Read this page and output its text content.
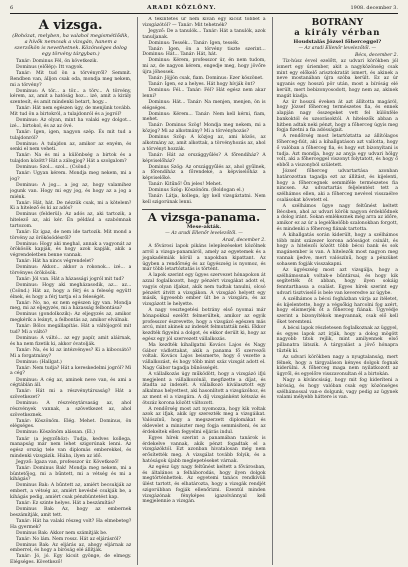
6	ARADI KÖZLÖNY.	1908. december 3.
A vizsga.
(Bohózat, melyben, ha valahol megismétlődik, a hívők nemcsak a vizsgán, hanem a szerzőkön is nevethetnek. Közönséges dolog egy törvény tárgyban.)

Tanár: Dominus Fél, ön következik.

Dominus (előlép): Itt vagyok.

Tanár: Mit tud ön a törvényről? Semmit. Rendben van, álljon csak oda, mondja meg nekem, mi a törvény?

Dominus: A tör... a tör... a törv... A törvény, kérem, az, amit a hatóság hoz... izé, amit a király szentesít, és amit mindenki betart, hogy...

Tanár: Hát nem egészen úgy, de menjünk tovább. Mit tud ön a birtokról, a tulajdonról és a jogról?

Dominus: Az olyan, mint ha valaki egy dolgot... izé... birtokol, és az az övé.

Tanár: Igen, igen, nagyon szép. És mit tud a tulajdonról?

Dominus: A tulajdon az, amikor az enyém, és senki el nem veheti.

Tanár: Na és mi a különbség a birtok és a tulajdon között? Hát a zálogjog? Hát a szolgalom?

Dominus: Szol... szol... (Csönd.)

Tanár: Ugyan kérem. Mondja meg nekem, mi a jog?

Dominus: A jog... a jog az, hogy valamihez jogunk van. Hogy mi egy jog, és hogy az a jog a miénk.

Tanár: Hát, hát. De nézzük csak, mi a kötelem? Ki a hitelező és ki az adós?

Dominus (felderül): Az adós az, aki tartozik, a hitelező az, aki kér. Én például a szabómnak tartozom.

Tanár: Ez igaz, de nem ide tartozik. Mit mond a törvény az örökösödésről?

Dominus: Hogy aki meghal, annak a vagyonát az örökösök kapják, és hogy azok kapják, akik a végrendeletben benne vannak.

Tanár: Hát ha nincs végrendelet?

Dominus: Akkor... akkor a rokonok... izé... a törvényes örökösök.

Tanár: Jól van. Hát a házassági jogról mit tud?

Dominus: Hogy aki megházasodik, az... az... (Csönd.) Hát az, hogy a férj és a feleség együtt élnek, és hogy a férj tartja el a feleségét.

Tanár: No, no, ez nem egészen így van. Mondja meg, mi az eljegyzés, mi a házasság felbontása?

Dominus (gondolkozik): Az eljegyzés az, amikor megkérik a leányt, a felbontás az, amikor elválnak.

Tanár: Bölcs megállapítás. Hát a váltójogról mit tud? Mi a váltó?

Dominus: A váltó... az egy papír, amit aláírnak, és ha nem fizetik ki, akkor óvatolják.

Tanár: Na, és ki az intézvényes? Ki a kibocsátó? Mi a forgatmány?

Dominus: (Hallgat.)

Tanár: Nem tudja? Hát a kereskedelmi jogról? Mi a cég?

Dominus: A cég az, aminek neve van, és ami a cégtáblán áll.

Tanár: Hát mi a részvénytársaság? Hát a szövetkezet?

Dominus: A részvénytársaság az, ahol részvények vannak, a szövetkezet az, ahol szövetkeznek.

Tanár: Köszönöm. Elég. Mehet. Dominus, ön elégséges.

Dominus: Köszönöm alássan. (El.)

Tanár (a jegyzőhöz): Tudja, kedves kollega, manapság már nem lehet szigorúnak lenni. Az egész ország tele van diplomás emberekkel, és mindenki vizsgázik. Hiába, ilyen az idő.

Jegyző: Igaza van, professzor úr. Következő!

Tanár: Dominus Bak! Mondja meg nekem, mi a büntetőjog, mi a bűntett, mi a vétség és mi a kihágás?

Dominus Bak: A bűntett az, amiért becsukják az embert, a vétség az, amiért kevésbé csukják be, a kihágás pedig, amiért csak pénzbüntetést kap.

Tanár: Ez szinte helyes. Hát a beszámítás?

Dominus Bak: Az, hogy az embernek beszámítják, amit tett.

Tanár: Hát ha valaki részeg volt? Ha elmebeteg? Ha gyermek?

Dominus Bak: Akkor nem számítják be.

Tanár: No lám. Nem rossz. Hát az eljárásról?

Dominus Bak: Az eljárás az, ahogy eljárnak az emberrel, és hogy a bíróság elé állítják.

Tanár: Jó, jó. Egy kicsit gyönge, de elmegy. Elégséges. Következő!

A tekintetes úr nem kíván egy kicsit többet a vizsgázótól? — Tanár: Mit tehetnék?

Jegyző: De a tanulók... Tanár: Hát a tanulók, azok tanuljanak.

Dominus: Tessék... Tanár: Igen, tessék.

Tanár: Igen, ön a törvény tiszte szerint... Dominus: Hát... Tanár: Hát, hát.

Dominus: Kérem, professzor úr, én nem tudom, mi az, de nagyon kérem, engedje meg, hogy jövőre újra jöhessek.

Tanár: Jöjjön csak, fiam. Dominus: Ezer köszönet.

Tanár: Igen, ez a helyes. Hát hogy hívják önt?

Dominus: Fél... Tanár: Fél? Hát egész nem akar lenni?

Dominus: Hát... Tanár: Na menjen, menjen, ön is elégséges.

Dominus: Kérem... Tanár: Nem kell kérni, fiam, mehet.

Tanár: Dominus Szög! Mondja meg nekem, mi a közjog? Mi az alkotmány? Mi a törvényhozás?

Dominus Szög: A közjog az, ami közös, az alkotmány az, amit alkottak, a törvényhozás az, ahol a törvényt hozzák.

Tanár: Hát az országgyűlés? A főrendiház? A képviselőház?

Dominus Szög: Az országgyűlés az, ahol gyűlnek, a főrendiház a főrendeké, a képviselőház a képviselőké.

Tanár: Kitűnő! Ön jeles! Mehet.

Dominus Szög: Köszönöm. (Boldogan el.)

Tanár: Látja, kollega, így kell vizsgáztatni. Nem kell szigorúnak lenni.

A vizsga-panama.
Mese-akták.
— Az aradi Ellenőr levelezőtől. —
Arad, december 2.

A fővárosi lapok pikáns leleplezéseket közölnek arról a vizsga-panamáról, amely az egyetemek és a jogakadémiák körül a napokban kipattant. Az ügyben a rendőrség és az ügyészség is nyomoz, és már több letartóztatás is történt.

A lapok szerint egy ügyes szervezet hónapokon át azzal foglalkozott, hogy pénzért vizsgákat adott el, vagyis olyan ifjakat, akik nem tudtak tanulni, olcsó pénzért átvitt a vizsgákon. A vizsgázó helyett egy másik, ügyesebb ember ült be a vizsgára, és az vizsgázott le helyette.

A nagy vesztegetési botrány első nyomai már hónapokkal ezelőtt felmerültek, amikor az egyik professzor észrevette, hogy a vizsgázó egészen más arcú, mint akinek az indexét felmutatták neki. Ekkor kezdték figyelni a dolgot, és ekkor derült ki, hogy az egész egy jól szervezett vállalkozás.

Ma kezdték kihallgatni Kovács Lajos és Nagy Gábor vádlottakat, akik a panama fő szervezői voltak. Kovács Lajos beismerte, hogy ő vezette a vállalkozást, és hogy több mint száz vizsgát adott el. Nagy Gábor tagadja bűnösségét.

A vállalkozás úgy működött, hogy a vizsgázó ifjú megjelent a vállalkozónál, megfizette a díjat, és átadta az indexét. A vállalkozó kiválasztott egy alkalmas helyettest, aki hasonlított a vizsgázóhoz, és az ment el a vizsgára. A díj vizsgánként kétszáz és ötszáz korona között változott.

A rendőrség most azt nyomozza, hogy kik voltak azok az ifjak, akik így szerezték meg a vizsgáikat. Valószínű, hogy a megszerzett diplomákat és oklevelet a miniszter meg fogja semmisíteni, és az érdekeltek ellen fegyelmi eljárás indul.

Egyes hírek szerint a panamában tanárok is érdekelve vannak, akik pénzt fogadtak el a vizsgázóktól. Ezt azonban hivatalosan még nem erősítették meg. A vizsgálat tovább folyik, és a hatóságok újabb meglepetéseket várnak.

Az egész ügy nagy feltűnést keltett a fővárosban, és általános a felháborodás, hogy ilyen dolgok megtörténhettek. Az egyetemi tanács rendkívüli ülést tartott, és elhatározta, hogy a vizsgák rendjét szigorúbban fogják ellenőrizni. Ezentúl minden vizsgázónak fényképes igazolvánnyal kell megjelennie a vizsgán.

BOTRÁNY
a király vérban
Houdstalás Józsel főherceggel?
— Az aradi Ellenőr levelezőtől. —
Bécs, december 2.

Tíz-húsz évvel ezelőtt, az udvari körökben jól ismert egy úriember, akit a nagyközönség csak mint egy előkelő arisztokratát ismert, és akinek a neve mostanában újra szóba került. Ez az úr ugyanis egy hosszú pör után, most a bíróság elé került, mert bebizonyosodott, hogy nem az, akinek magát kiadja.

Az úr hosszú éveken át azt állította magáról, hogy József főherceg természetes fia, és ennek alapján nagy összegeket vett fel különféle bankoktól és uzsorásoktól. A hitelezők abban a hitben adtak neki pénzt, hogy a főherceg úgyis meg fogja fizetni a fia adósságait.

A rendőrség most letartóztatta az állítólagos főherceg-fiút, aki a kihallgatáson azt vallotta, hogy ő valóban a főherceg fia, és hogy ezt bizonyítani is tudja. Azt mondja, hogy az anyja egy udvari hölgy volt, aki a főherceggel viszonyt folytatott, és hogy ő ebből a viszonyból született.

József főherceg udvartartása azonban határozottan tagadja ezt az állítást, és kijelenti, hogy a főhercegnek semmiféle természetes fia nincsen. Az udvartartás feljelentést tett a szélhámos ellen, aki a főherceg nevével visszaélve csalásokat követett el.

A szélhámos ügye nagy feltűnést keltett Bécsben, ahol az udvari körök nagyon érdeklődnek a dolog iránt. Sokan emlékeznek még arra az időre, amikor ez az úr a legelőkelőbb szalonokban forgott, és mindenki a főherceg fiának tartotta.

A kihallgatás során kiderült, hogy a szélhámos több mint százezer korona adósságot csinált, és hogy a hitelezői között több bécsi bank és sok magánember is van. A hitelezők most nagyon meg vannak ijedve, mert valószínű, hogy a pénzüket sohasem fogják visszakapni.

Az ügyészség most azt vizsgálja, hogy a szélhámosnak voltak-e bűntársai, és hogy kik segítették őt abban, hogy ilyen sokáig fenntarthassa a csalást. Egyes hírek szerint egy udvari tisztviselő is bele van keveredve az ügybe.

A szélhámos a bécsi fogházban várja az ítéletet, és kijelentette, hogy a végsőkig harcolni fog azért, hogy elismerjék őt a főherceg fiának. Ügyvédje szerint a bizonyítékok megvannak, csak elő kell őket teremteni.

A bécsi lapok részletesen foglalkoznak az üggyel, és egyes lapok azt írják, hogy a dolog mögött nagyobb titok rejlik, mint amilyennek első pillanatra látszik. A tárgyalást a jövő hónapra tűzték ki.

Az udvari körökben nagy a nyugtalanság, mert félnek, hogy a tárgyaláson kényes dolgok fognak kiderülni. A főherceg maga nem nyilatkozott az ügyről, és egyelőre visszavonultan él a birtokán.

Nagy a kíváncsiság, hogy mit fog kideríteni a bíróság, és hogy valóban csak egy közönséges szélhámossal van-e dolgunk, vagy pedig az ügynek valami mélyebb háttere is van.
